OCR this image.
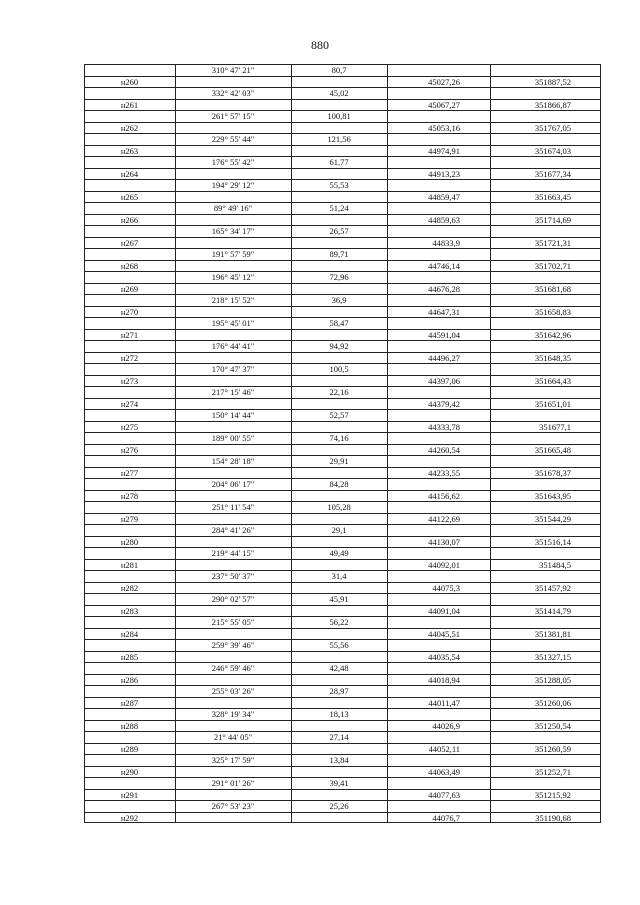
880
310° 47' 21"	80,7
н260	45027,26	351887,52
332° 42' 03"	45,02
н261	45067,27	351866,87
261° 57' 15"	100,81
н262	45053,16	351767,05
229° 55' 44"	121,56
н263	44974,91	351674,03
176° 55' 42"	61,77
н264	44913,23	351677,34
194° 29' 12"	55,53
н265	44859,47	351663,45
89° 49' 16"	51,24
н266	44859,63	351714,69
165° 34' 17"	26,57
н267	44833,9	351721,31
191° 57' 59"	89,71
н268	44746,14	351702,71
196° 45' 12"	72,96
н269	44676,28	351681,68
218° 15' 52"	36,9
н270	44647,31	351658,83
195° 45' 01"	58,47
н271	44591,04	351642,96
176° 44' 41"	94,92
н272	44496,27	351648,35
170° 47' 37"	100,5
н273	44397,06	351664,43
217° 15' 46"	22,16
н274	44379,42	351651,01
150° 14' 44"	52,57
н275	44333,78	351677,1
189° 00' 55"	74,16
н276	44260,54	351665,48
154° 28' 18"	29,91
н277	44233,55	351678,37
204° 06' 17"	84,28
н278	44156,62	351643,95
251° 11' 54"	105,28
н279	44122,69	351544,29
284° 41' 26"	29,1
н280	44130,07	351516,14
219° 44' 15"	49,49
н281	44092,01	351484,5
237° 50' 37"	31,4
н282	44075,3	351457,92
290° 02' 57"	45,91
н283	44091,04	351414,79
215° 55' 05"	56,22
н284	44045,51	351381,81
259° 39' 46"	55,56
н285	44035,54	351327,15
246° 59' 46"	42,48
н286	44018,94	351288,05
255° 03' 26"	28,97
н287	44011,47	351260,06
328° 19' 34"	18,13
н288	44026,9	351250,54
21° 44' 05"	27,14
н289	44052,11	351260,59
325° 17' 59"	13,84
н290	44063,49	351252,71
291° 01' 26"	39,41
н291	44077,63	351215,92
267° 53' 23"	25,26
н292	44076,7	351190,68
